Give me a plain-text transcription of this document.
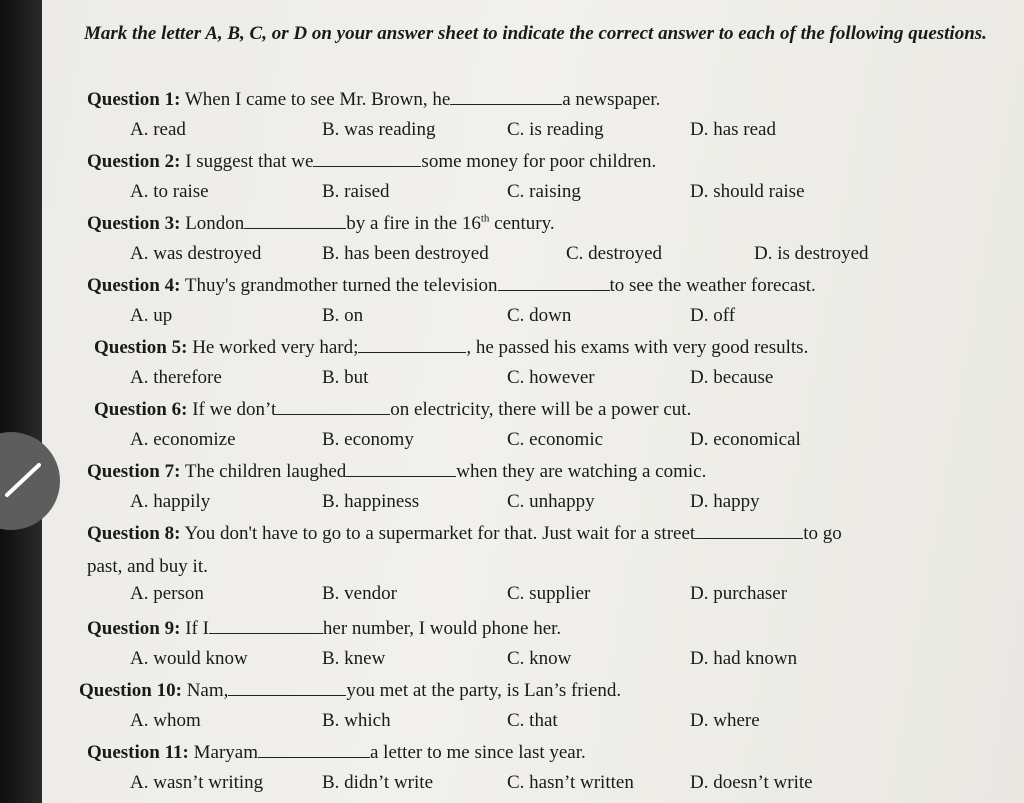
Mark the letter A, B, C, or D on your answer sheet to indicate the correct answer to each of the following questions.
Question 1: When I came to see Mr. Brown, he	a newspaper.
A. read	B. was reading	C. is reading	D. has read
Question 2: I suggest that we	some money for poor children.
A. to raise	B. raised	C. raising	D. should raise
Question 3: London	by a fire in the 16th century.
A. was destroyed	B. has been destroyed	C. destroyed	D. is destroyed
Question 4: Thuy's grandmother turned the television	to see the weather forecast.
A. up	B. on	C. down	D. off
Question 5: He worked very hard;	, he passed his exams with very good results.
A. therefore	B. but	C. however	D. because
Question 6: If we don’t	on electricity, there will be a power cut.
A. economize	B. economy	C. economic	D. economical
Question 7: The children laughed	when they are watching a comic.
A. happily	B. happiness	C. unhappy	D. happy
Question 8: You don't have to go to a supermarket for that. Just wait for a street	to go
past, and buy it.
A. person	B. vendor	C. supplier	D. purchaser
Question 9: If I	her number, I would phone her.
A. would know	B. knew	C. know	D. had known
Question 10: Nam,	you met at the party, is Lan’s friend.
A. whom	B. which	C. that	D. where
Question 11: Maryam	a letter to me since last year.
A. wasn’t writing	B. didn’t write	C. hasn’t written	D. doesn’t write
